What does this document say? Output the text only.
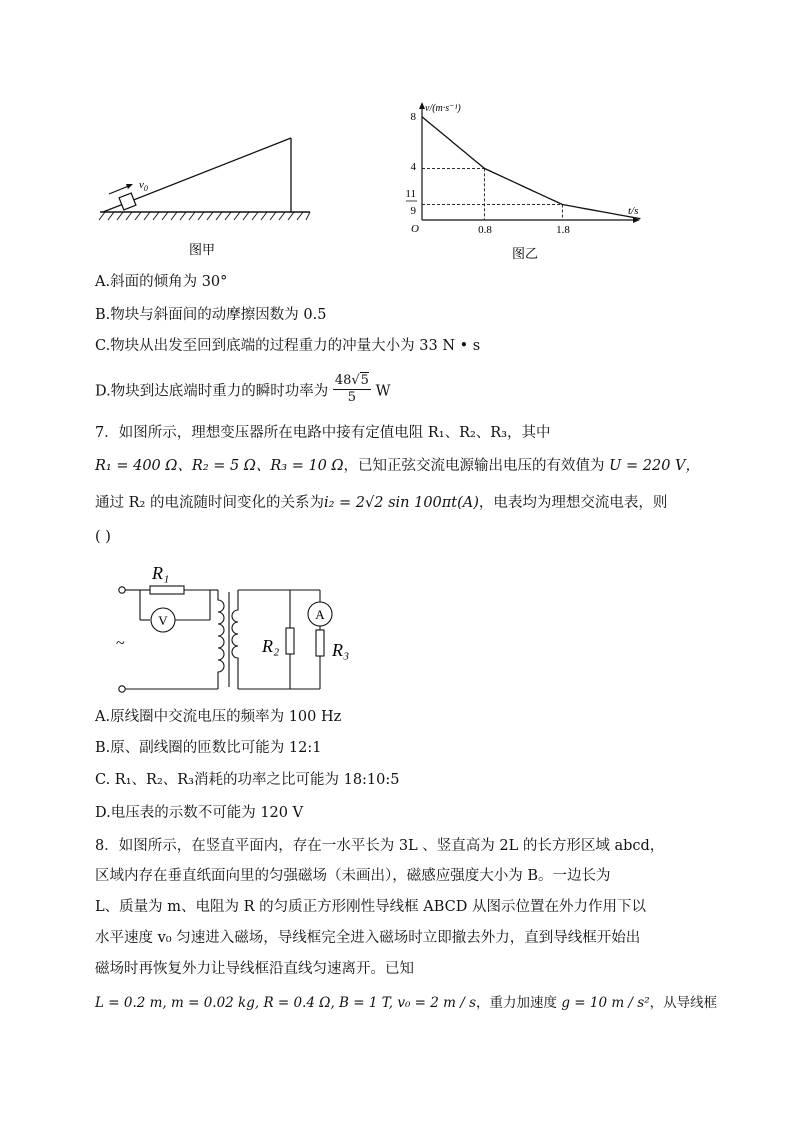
$v_0$
图甲
v/(m·s⁻¹)
t/s
O
8
4
11
9
0.8	1.8
图乙
A.斜面的倾角为 30°
B.物块与斜面间的动摩擦因数为 0.5
C.物块从出发至回到底端的过程重力的冲量大小为 33 N • s
D.物块到达底端时重力的瞬时功率为 $\frac{48√5}{5}$ W
7．如图所示，理想变压器所在电路中接有定值电阻 R₁、R₂、R₃，其中
R₁ = 400 Ω、R₂ = 5 Ω、R₃ = 10 Ω，已知正弦交流电源输出电压的有效值为 U = 220 V，
通过 R₂ 的电流随时间变化的关系为i₂ = 2√2 sin 100πt(A)，电表均为理想交流电表，则
( )
~
R₁
V
R₂
A
R₃
A.原线圈中交流电压的频率为 100 Hz
B.原、副线圈的匝数比可能为 12:1
C. R₁、R₂、R₃消耗的功率之比可能为 18:10:5
D.电压表的示数不可能为 120 V
8．如图所示，在竖直平面内，存在一水平长为 3L 、竖直高为 2L 的长方形区域 abcd，
区域内存在垂直纸面向里的匀强磁场（未画出），磁感应强度大小为 B。一边长为
L、质量为 m、电阻为 R 的匀质正方形刚性导线框 ABCD 从图示位置在外力作用下以
水平速度 v₀ 匀速进入磁场，导线框完全进入磁场时立即撤去外力，直到导线框开始出
磁场时再恢复外力让导线框沿直线匀速离开。已知
L = 0.2 m, m = 0.02 kg, R = 0.4 Ω, B = 1 T, v₀ = 2 m / s，重力加速度 g = 10 m / s²，从导线框
